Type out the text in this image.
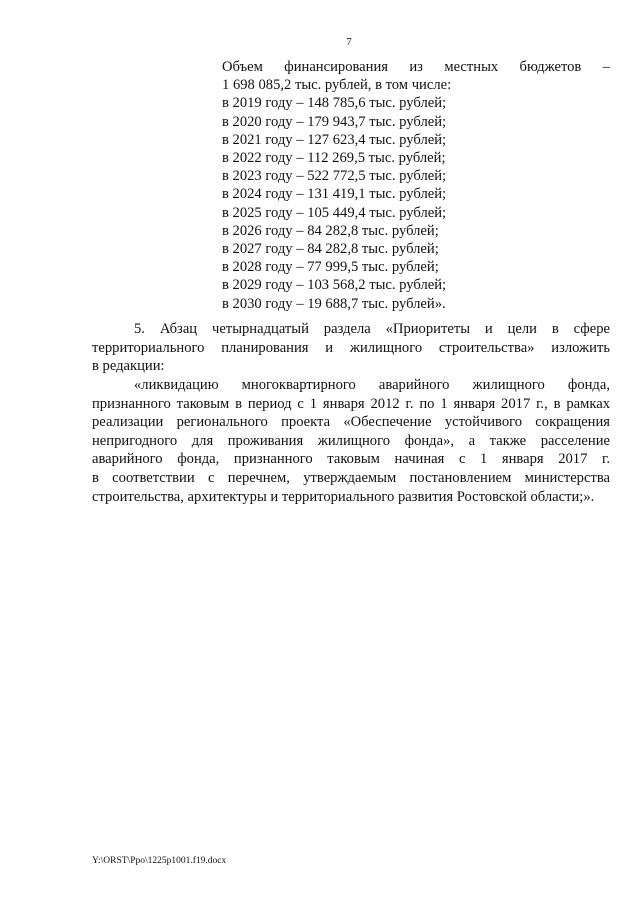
7
Объем финансирования из местных бюджетов –
1 698 085,2 тыс. рублей, в том числе:
в 2019 году – 148 785,6 тыс. рублей;
в 2020 году – 179 943,7 тыс. рублей;
в 2021 году – 127 623,4 тыс. рублей;
в 2022 году – 112 269,5 тыс. рублей;
в 2023 году – 522 772,5 тыс. рублей;
в 2024 году – 131 419,1 тыс. рублей;
в 2025 году – 105 449,4 тыс. рублей;
в 2026 году – 84 282,8 тыс. рублей;
в 2027 году – 84 282,8 тыс. рублей;
в 2028 году – 77 999,5 тыс. рублей;
в 2029 году – 103 568,2 тыс. рублей;
в 2030 году – 19 688,7 тыс. рублей».
5. Абзац четырнадцатый раздела «Приоритеты и цели в сфере
территориального планирования и жилищного строительства» изложить
в редакции:
«ликвидацию многоквартирного аварийного жилищного фонда,
признанного таковым в период с 1 января 2012 г. по 1 января 2017 г., в рамках
реализации регионального проекта «Обеспечение устойчивого сокращения
непригодного для проживания жилищного фонда», а также расселение
аварийного фонда, признанного таковым начиная с 1 января 2017 г.
в соответствии с перечнем, утверждаемым постановлением министерства
строительства, архитектуры и территориального развития Ростовской области;».
Y:\ORST\Ppo\1225p1001.f19.docx
